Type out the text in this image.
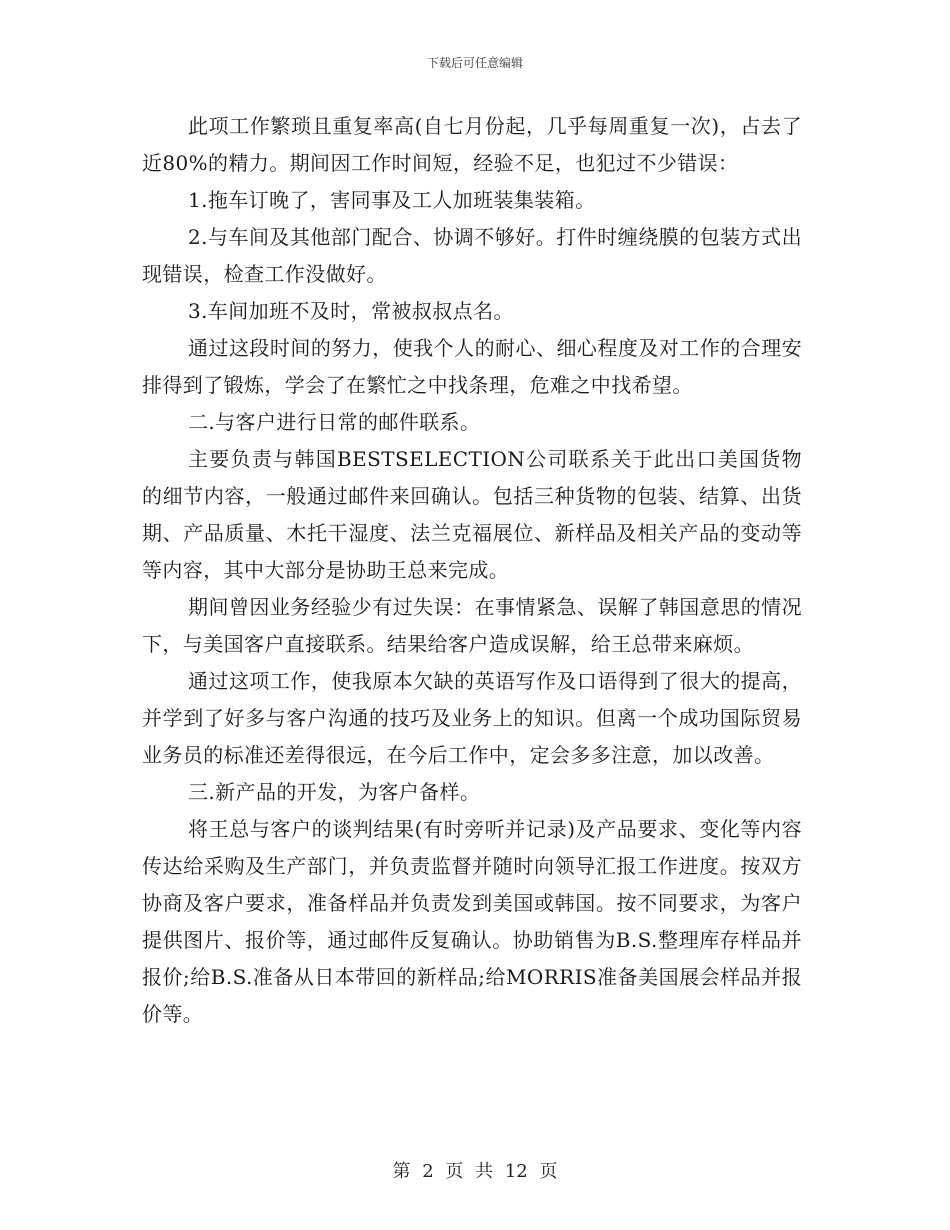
下载后可任意编辑

此项工作繁琐且重复率高(自七月份起，几乎每周重复一次)，占去了近80%的精力。期间因工作时间短，经验不足，也犯过不少错误：

1.拖车订晚了，害同事及工人加班装集装箱。

2.与车间及其他部门配合、协调不够好。打件时缠绕膜的包装方式出现错误，检查工作没做好。

3.车间加班不及时，常被叔叔点名。

通过这段时间的努力，使我个人的耐心、细心程度及对工作的合理安排得到了锻炼，学会了在繁忙之中找条理，危难之中找希望。

二.与客户进行日常的邮件联系。

主要负责与韩国BESTSELECTION公司联系关于此出口美国货物的细节内容，一般通过邮件来回确认。包括三种货物的包装、结算、出货期、产品质量、木托干湿度、法兰克福展位、新样品及相关产品的变动等等内容，其中大部分是协助王总来完成。

期间曾因业务经验少有过失误：在事情紧急、误解了韩国意思的情况下，与美国客户直接联系。结果给客户造成误解，给王总带来麻烦。

通过这项工作，使我原本欠缺的英语写作及口语得到了很大的提高，并学到了好多与客户沟通的技巧及业务上的知识。但离一个成功国际贸易业务员的标准还差得很远，在今后工作中，定会多多注意，加以改善。

三.新产品的开发，为客户备样。

将王总与客户的谈判结果(有时旁听并记录)及产品要求、变化等内容传达给采购及生产部门，并负责监督并随时向领导汇报工作进度。按双方协商及客户要求，准备样品并负责发到美国或韩国。按不同要求，为客户提供图片、报价等，通过邮件反复确认。协助销售为B.S.整理库存样品并报价;给B.S.准备从日本带回的新样品;给MORRIS准备美国展会样品并报价等。

第 2 页 共 12 页
